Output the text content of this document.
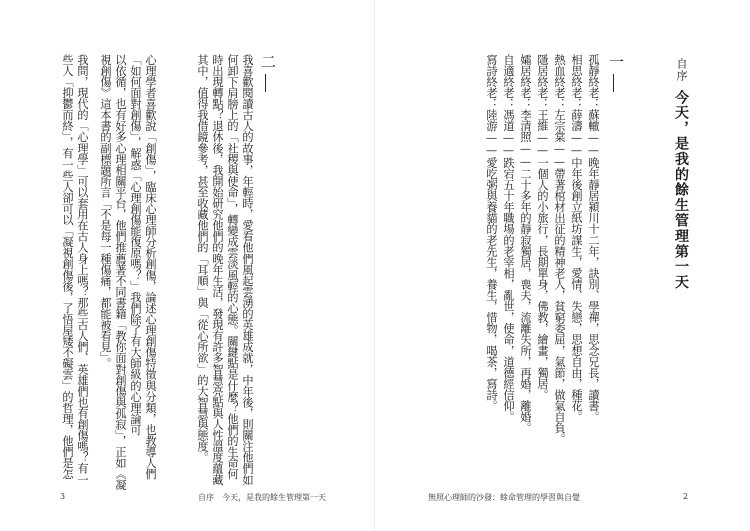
二
我喜歡閱讀古人的故事，年輕時，愛看他們風起雲湧的英雄成就，中年後，則關注他們如
何卸下肩膀上的「社稷與使命」，轉變成雲淡風輕的心態。關鍵點是什麼？他們的生命何
時出現轉點？退休後，我開始研究他們的晚年生活，發現有許多智慧亮點與人性溫度蘊藏
其中，值得我借鏡參考，甚至收藏他們的「耳順」與「從心所欲」的大智慧與態度。
心理學者喜歡說「創傷」，臨床心理師分析創傷，論述心理創傷特徵與分類，也教導人們
「如何面對創傷」，解惑「心理創傷能復原嗎？」我們除了有大師級的心理論可
以依循，也有好多心理相關平台，他們推薦著不同書籍「教你面對創傷與孤寂」，正如《凝
視創傷》這本書的副標題所言「不是每一種傷痛，都能被看見」。
我問，現代的「心理學」可以套用在古人身上嗎？那些古人們、英雄們也有創傷嗎？有一
些人「抑鬱而終」，有一些人卻可以「凝視創傷後，了悟屋矮不礙雲」的哲理，他們是怎
3	自序　今天，是我的餘生管理第一天
自序
今天，是我的餘生管理第一天
一
孤靜終老：蘇轍——晚年靜居潁川十二年，訣別、學禪，思念兄長，讀書。
相思終老：薛濤——中年後創立紙坊謀生，愛情、失戀，思想自由，種花。
熱血終老：左宗棠——帶著棺材出征的精神老人，貧窮委屈，氣節，做氣自負。
隱居終老：王維——一個人的小旅行，長期單身，佛教，繪畫，獨居。
孀居終老：李清照——二十多年的靜寂獨居，喪夫，流離失所，再婚，離婚。
自適終老：馮道——跌宕五十年職場的老宰相，亂世，使命，道德經信仰。
寫詩終老：陸游——愛吃粥與養貓的老先生，養生，惜物，喝茶，寫詩。
無照心理師的沙發：餘命管理的學習與自覺	2
